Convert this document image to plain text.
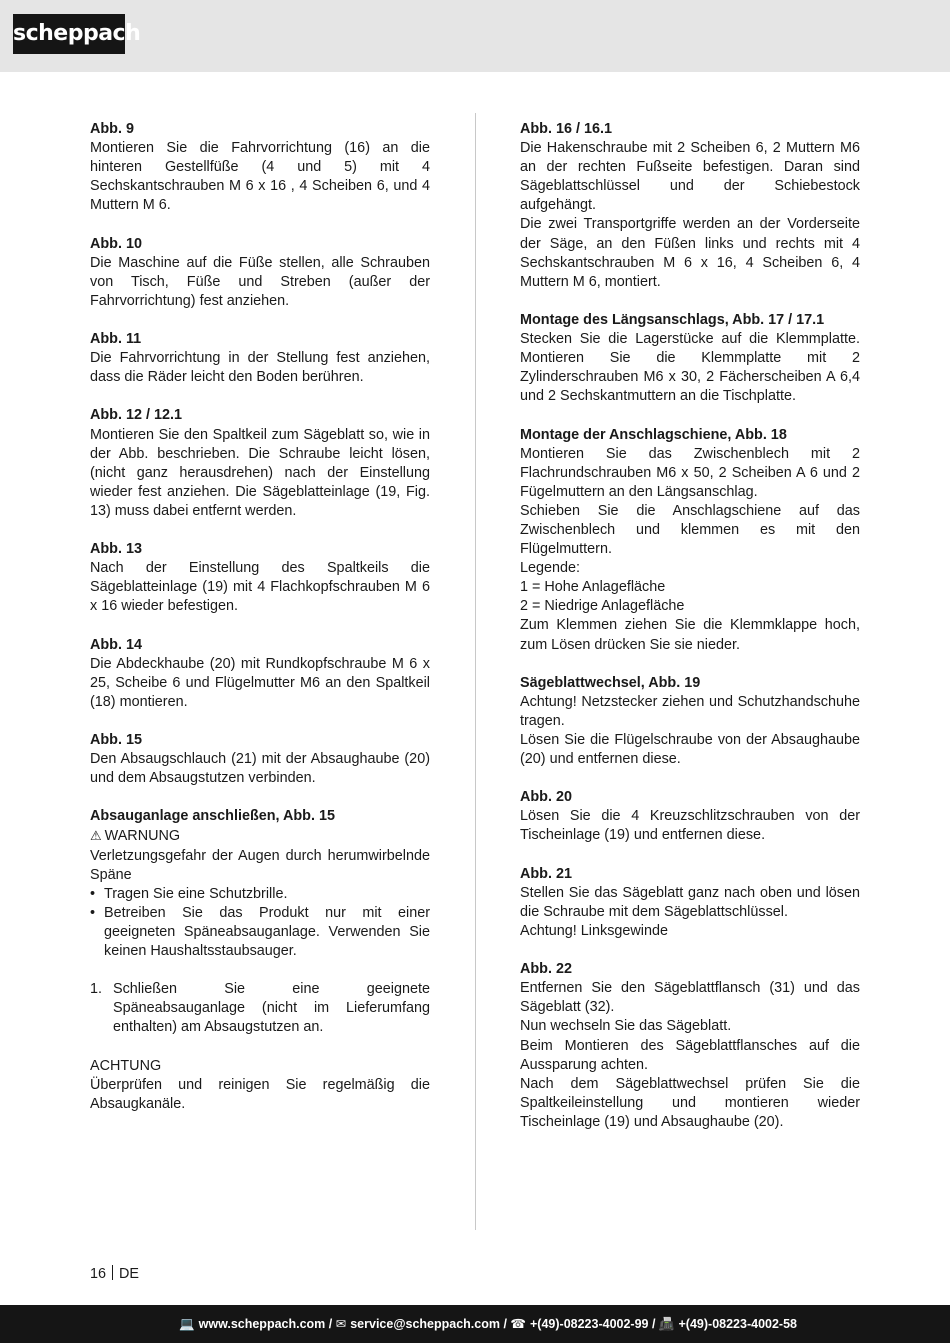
scheppach

Abb. 9

Montieren Sie die Fahrvorrichtung (16) an die hinteren Gestellfüße (4 und 5) mit 4 Sechskantschrauben M 6 x 16 , 4 Scheiben 6, und 4 Muttern M 6.

Abb. 10

Die Maschine auf die Füße stellen, alle Schrauben von Tisch, Füße und Streben (außer der Fahrvorrichtung) fest anziehen.

Abb. 11

Die Fahrvorrichtung in der Stellung fest anziehen, dass die Räder leicht den Boden berühren.

Abb. 12 / 12.1

Montieren Sie den Spaltkeil zum Sägeblatt so, wie in der Abb. beschrieben. Die Schraube leicht lösen, (nicht ganz herausdrehen) nach der Einstellung wieder fest anziehen. Die Sägeblatteinlage (19, Fig. 13) muss dabei entfernt werden.

Abb. 13

Nach der Einstellung des Spaltkeils die Sägeblatteinlage (19) mit 4 Flachkopfschrauben M 6 x 16 wieder befestigen.

Abb. 14

Die Abdeckhaube (20) mit Rundkopfschraube M 6 x 25, Scheibe 6 und Flügelmutter M6 an den Spaltkeil (18) montieren.

Abb. 15

Den Absaugschlauch (21) mit der Absaughaube (20) und dem Absaugstutzen verbinden.

Absauganlage anschließen, Abb. 15

⚠ WARNUNG

Verletzungsgefahr der Augen durch herumwirbelnde Späne

• Tragen Sie eine Schutzbrille.
• Betreiben Sie das Produkt nur mit einer geeigneten Späneabsauganlage. Verwenden Sie keinen Haushaltsstaubsauger.
1. Schließen Sie eine geeignete Späneabsauganlage (nicht im Lieferumfang enthalten) am Absaugstutzen an.

ACHTUNG

Überprüfen und reinigen Sie regelmäßig die Absaugkanäle.

Abb. 16 / 16.1

Die Hakenschraube mit 2 Scheiben 6, 2 Muttern M6 an der rechten Fußseite befestigen. Daran sind Sägeblattschlüssel und der Schiebestock aufgehängt.

Die zwei Transportgriffe werden an der Vorderseite der Säge, an den Füßen links und rechts mit 4 Sechskantschrauben M 6 x 16, 4 Scheiben 6, 4 Muttern M 6, montiert.

Montage des Längsanschlags, Abb. 17 / 17.1

Stecken Sie die Lagerstücke auf die Klemmplatte. Montieren Sie die Klemmplatte mit 2 Zylinderschrauben M6 x 30, 2 Fächerscheiben A 6,4 und 2 Sechskantmuttern an die Tischplatte.

Montage der Anschlagschiene, Abb. 18

Montieren Sie das Zwischenblech mit 2 Flachrundschrauben M6 x 50, 2 Scheiben A 6 und 2 Fügelmuttern an den Längsanschlag.

Schieben Sie die Anschlagschiene auf das Zwischenblech und klemmen es mit den Flügelmuttern.

Legende:

1 = Hohe Anlagefläche

2 = Niedrige Anlagefläche

Zum Klemmen ziehen Sie die Klemmklappe hoch, zum Lösen drücken Sie sie nieder.

Sägeblattwechsel, Abb. 19

Achtung! Netzstecker ziehen und Schutzhandschuhe tragen.

Lösen Sie die Flügelschraube von der Absaughaube (20) und entfernen diese.

Abb. 20

Lösen Sie die 4 Kreuzschlitzschrauben von der Tischeinlage (19) und entfernen diese.

Abb. 21

Stellen Sie das Sägeblatt ganz nach oben und lösen die Schraube mit dem Sägeblattschlüssel.

Achtung! Linksgewinde

Abb. 22

Entfernen Sie den Sägeblattflansch (31) und das Sägeblatt (32).

Nun wechseln Sie das Sägeblatt.

Beim Montieren des Sägeblattflansches auf die Aussparung achten.

Nach dem Sägeblattwechsel prüfen Sie die Spaltkeileinstellung und montieren wieder Tischeinlage (19) und Absaughaube (20).

16 DE
💻 www.scheppach.com / ✉ service@scheppach.com / ☎ +(49)-08223-4002-99 / 📠 +(49)-08223-4002-58
